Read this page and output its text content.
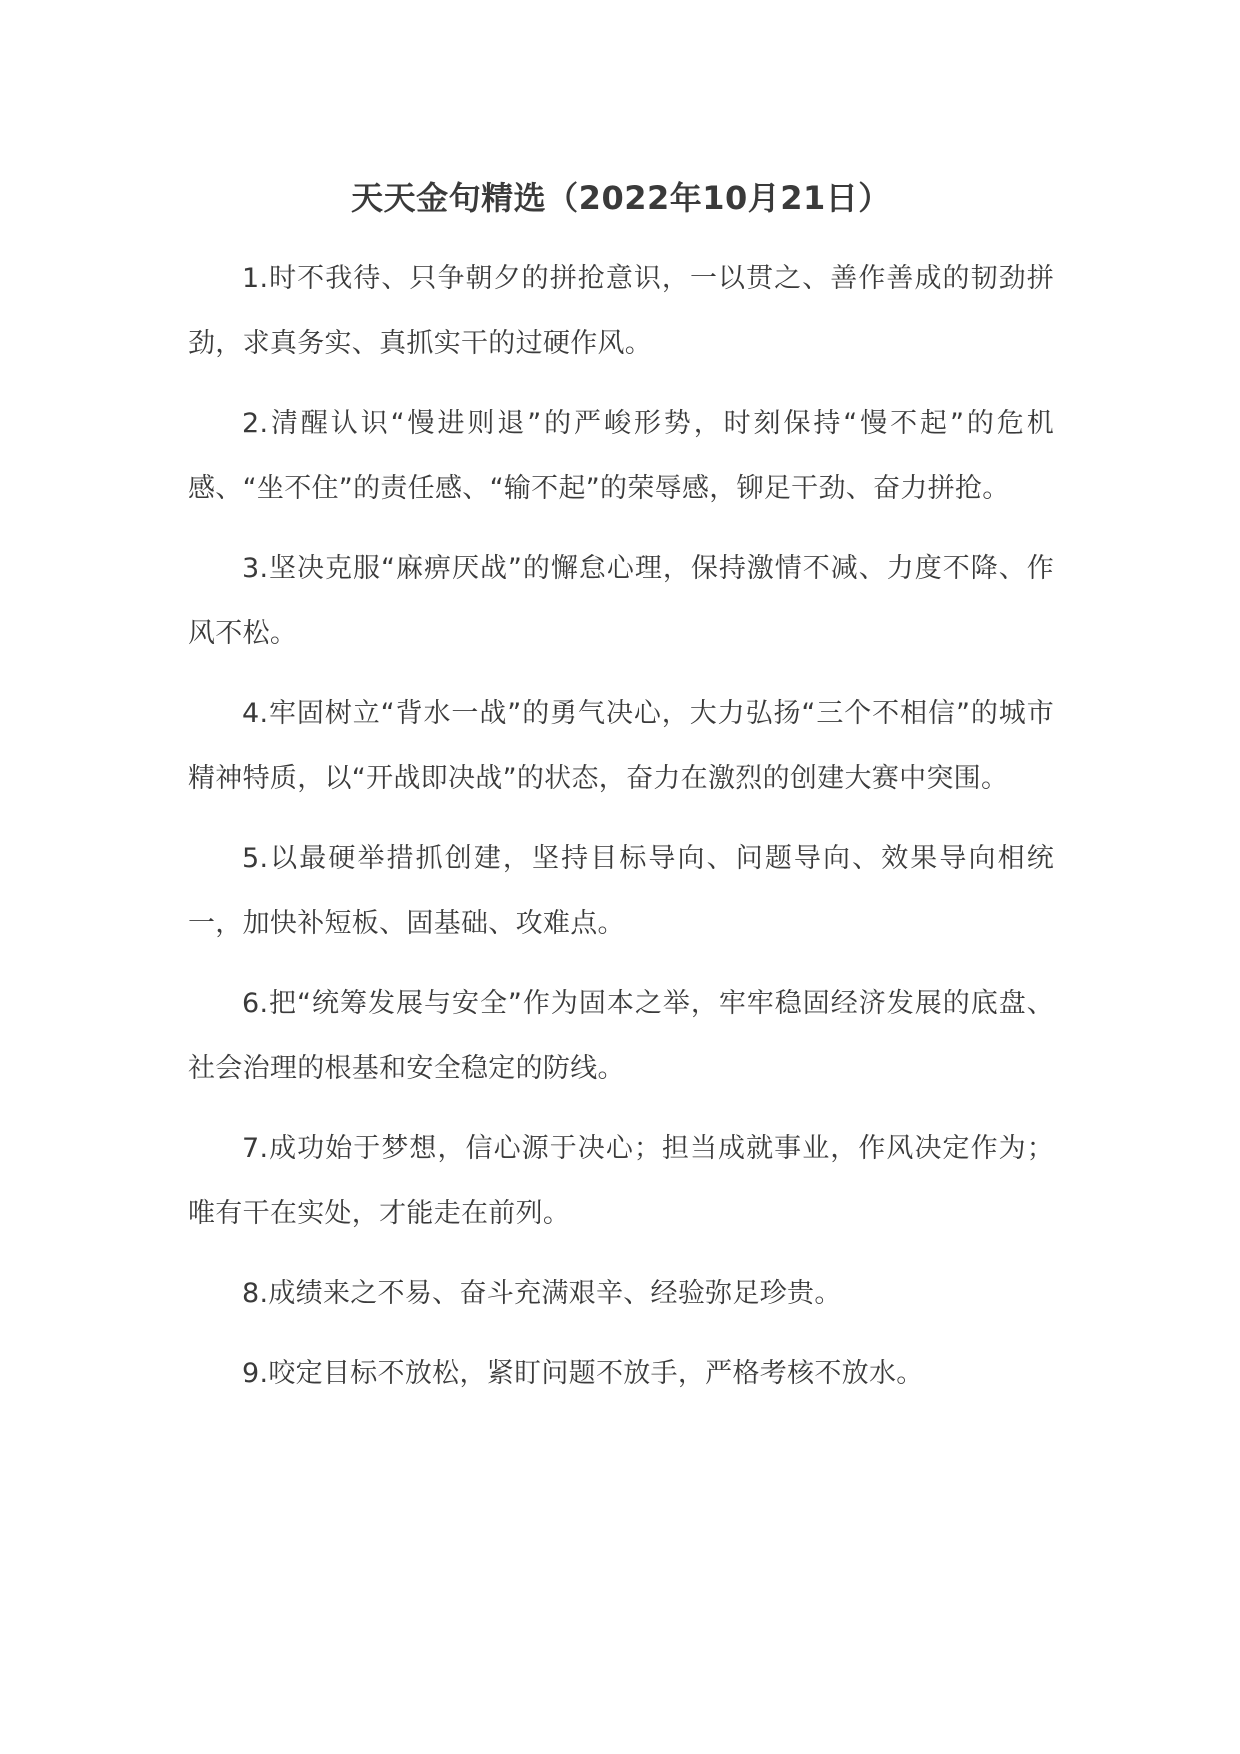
天天金句精选（2022年10月21日）

1.时不我待、只争朝夕的拼抢意识，一以贯之、善作善成的韧劲拼劲，求真务实、真抓实干的过硬作风。

2.清醒认识“慢进则退”的严峻形势，时刻保持“慢不起”的危机感、“坐不住”的责任感、“输不起”的荣辱感，铆足干劲、奋力拼抢。

3.坚决克服“麻痹厌战”的懈怠心理，保持激情不减、力度不降、作风不松。

4.牢固树立“背水一战”的勇气决心，大力弘扬“三个不相信”的城市精神特质，以“开战即决战”的状态，奋力在激烈的创建大赛中突围。

5.以最硬举措抓创建，坚持目标导向、问题导向、效果导向相统一，加快补短板、固基础、攻难点。

6.把“统筹发展与安全”作为固本之举，牢牢稳固经济发展的底盘、社会治理的根基和安全稳定的防线。

7.成功始于梦想，信心源于决心；担当成就事业，作风决定作为；唯有干在实处，才能走在前列。

8.成绩来之不易、奋斗充满艰辛、经验弥足珍贵。

9.咬定目标不放松，紧盯问题不放手，严格考核不放水。
